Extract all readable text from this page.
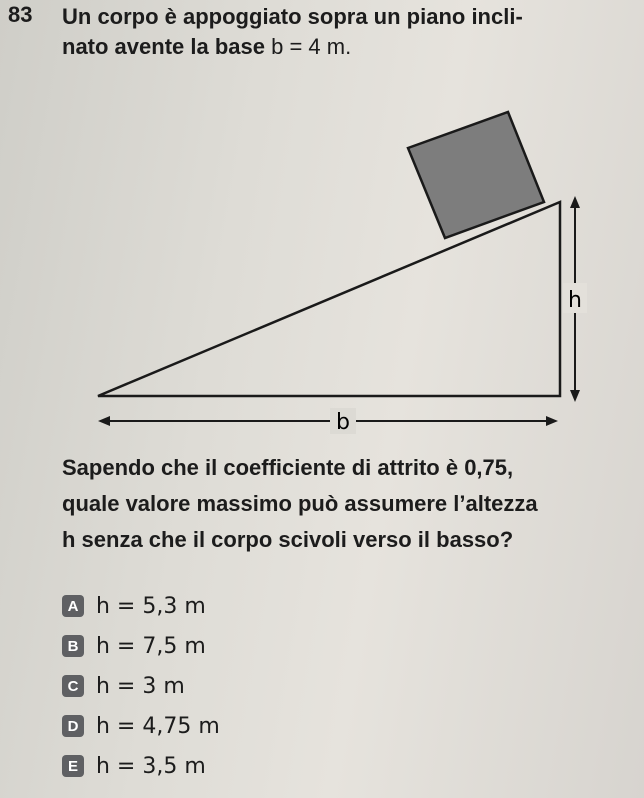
83 Un corpo è appoggiato sopra un piano incli-
nato avente la base b = 4 m.
h
b
Sapendo che il coefficiente di attrito è 0,75,
quale valore massimo può assumere l’altezza
h senza che il corpo scivoli verso il basso?
A h = 5,3 m
B h = 7,5 m
C h = 3 m
D h = 4,75 m
E h = 3,5 m
